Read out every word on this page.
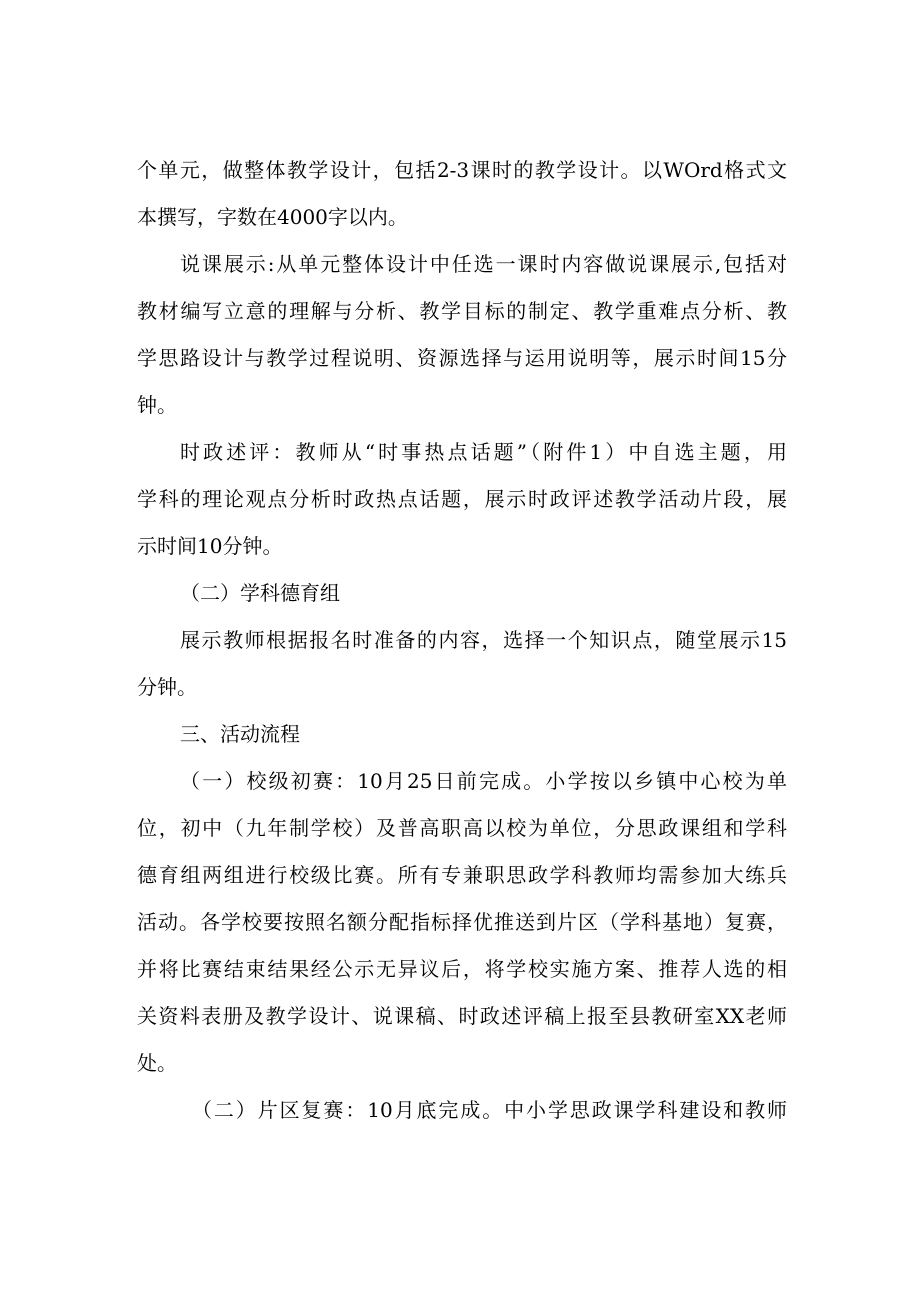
个单元，做整体教学设计，包括2-3课时的教学设计。以WOrd格式文
本撰写，字数在4000字以内。
说课展示:从单元整体设计中任选一课时内容做说课展示,包括对
教材编写立意的理解与分析、教学目标的制定、教学重难点分析、教
学思路设计与教学过程说明、资源选择与运用说明等，展示时间15分
钟。
时政述评：教师从“时事热点话题”（附件1）中自选主题，用
学科的理论观点分析时政热点话题，展示时政评述教学活动片段，展
示时间10分钟。
（二）学科德育组
展示教师根据报名时准备的内容，选择一个知识点，随堂展示15
分钟。
三、活动流程
（一）校级初赛：10月25日前完成。小学按以乡镇中心校为单
位，初中（九年制学校）及普高职高以校为单位，分思政课组和学科
德育组两组进行校级比赛。所有专兼职思政学科教师均需参加大练兵
活动。各学校要按照名额分配指标择优推送到片区（学科基地）复赛，
并将比赛结束结果经公示无异议后，将学校实施方案、推荐人选的相
关资料表册及教学设计、说课稿、时政述评稿上报至县教研室XX老师
处。
（二）片区复赛：10月底完成。中小学思政课学科建设和教师
